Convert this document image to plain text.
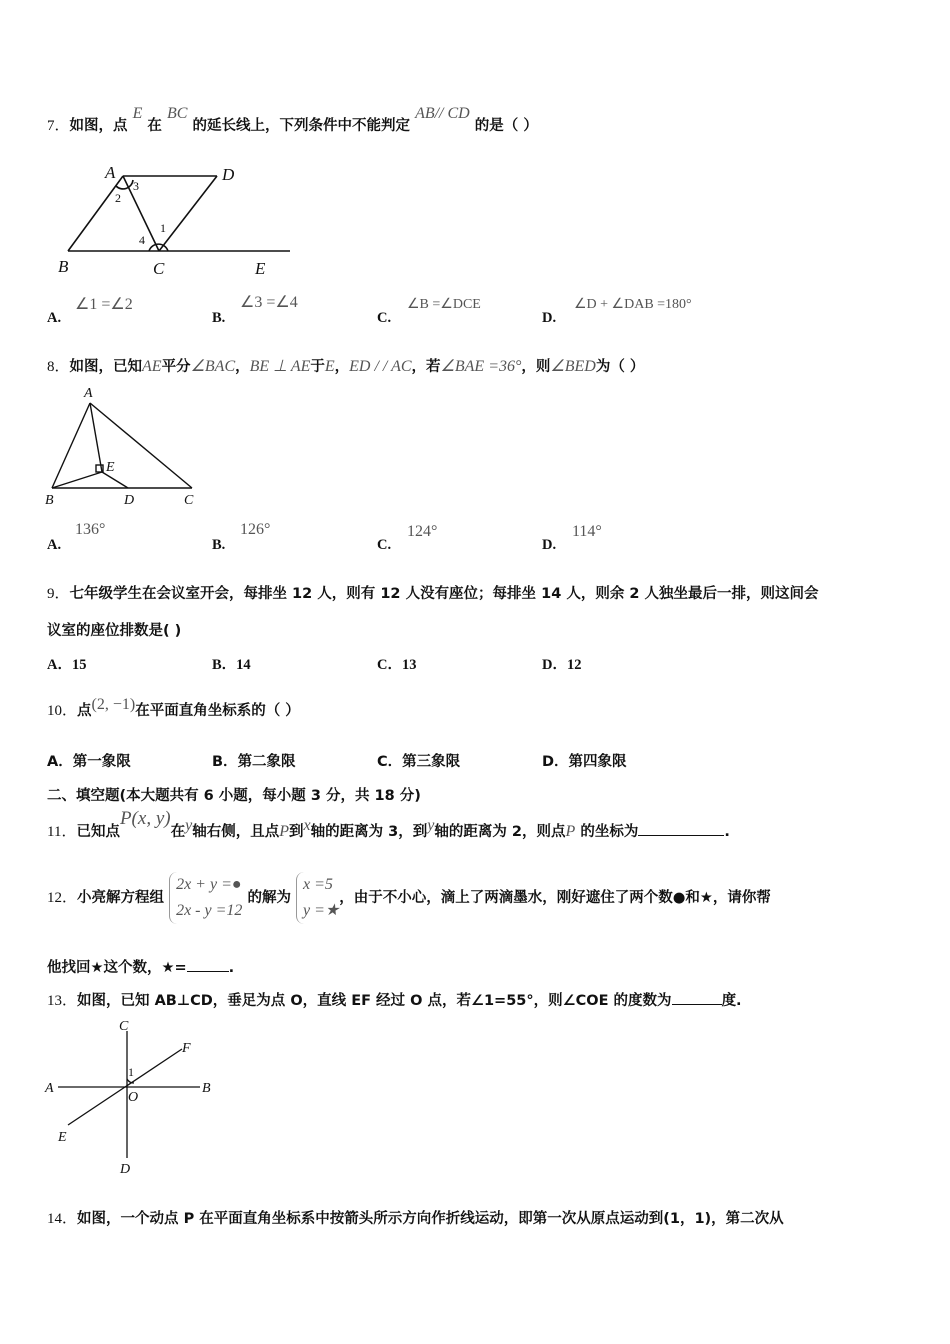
7．如图，点 E 在 BC 的延长线上，下列条件中不能判定 AB// CD 的是（ ）
A	D
B	C	E
1
2
3
4
A.
∠1 =∠2
B.
∠3 =∠4
C.
∠B =∠DCE
D.
∠D + ∠DAB =180°
8．如图，已知AE平分∠BAC，BE ⊥ AE于E，ED / / AC，若∠BAE =36°，则∠BED为（ ）
A
E
B	D	C
A.
136°
B.
126°
C.
124°
D.
114°
9．七年级学生在会议室开会，每排坐 12 人，则有 12 人没有座位；每排坐 14 人，则余 2 人独坐最后一排，则这间会
议室的座位排数是( )
A．15	B．14	C．13	D．12
10．点(2, −1)在平面直角坐标系的（ ）
A．第一象限	B．第二象限	C．第三象限	D．第四象限
二、填空题(本大题共有 6 小题，每小题 3 分，共 18 分)
11．已知点P(x, y)在y轴右侧，且点P到x轴的距离为 3，到y轴的距离为 2，则点P 的坐标为	.
12．小亮解方程组 2x + y =●
2x - y =12 的解为 x =5
y =★，由于不小心，滴上了两滴墨水，刚好遮住了两个数●和★，请你帮
他找回★这个数，★=	.
13．如图，已知 AB⊥CD，垂足为点 O，直线 EF 经过 O 点，若∠1=55°，则∠COE 的度数为	度.
C
F
A
1
O
B
E
D
14．如图，一个动点 P 在平面直角坐标系中按箭头所示方向作折线运动，即第一次从原点运动到(1，1)，第二次从
